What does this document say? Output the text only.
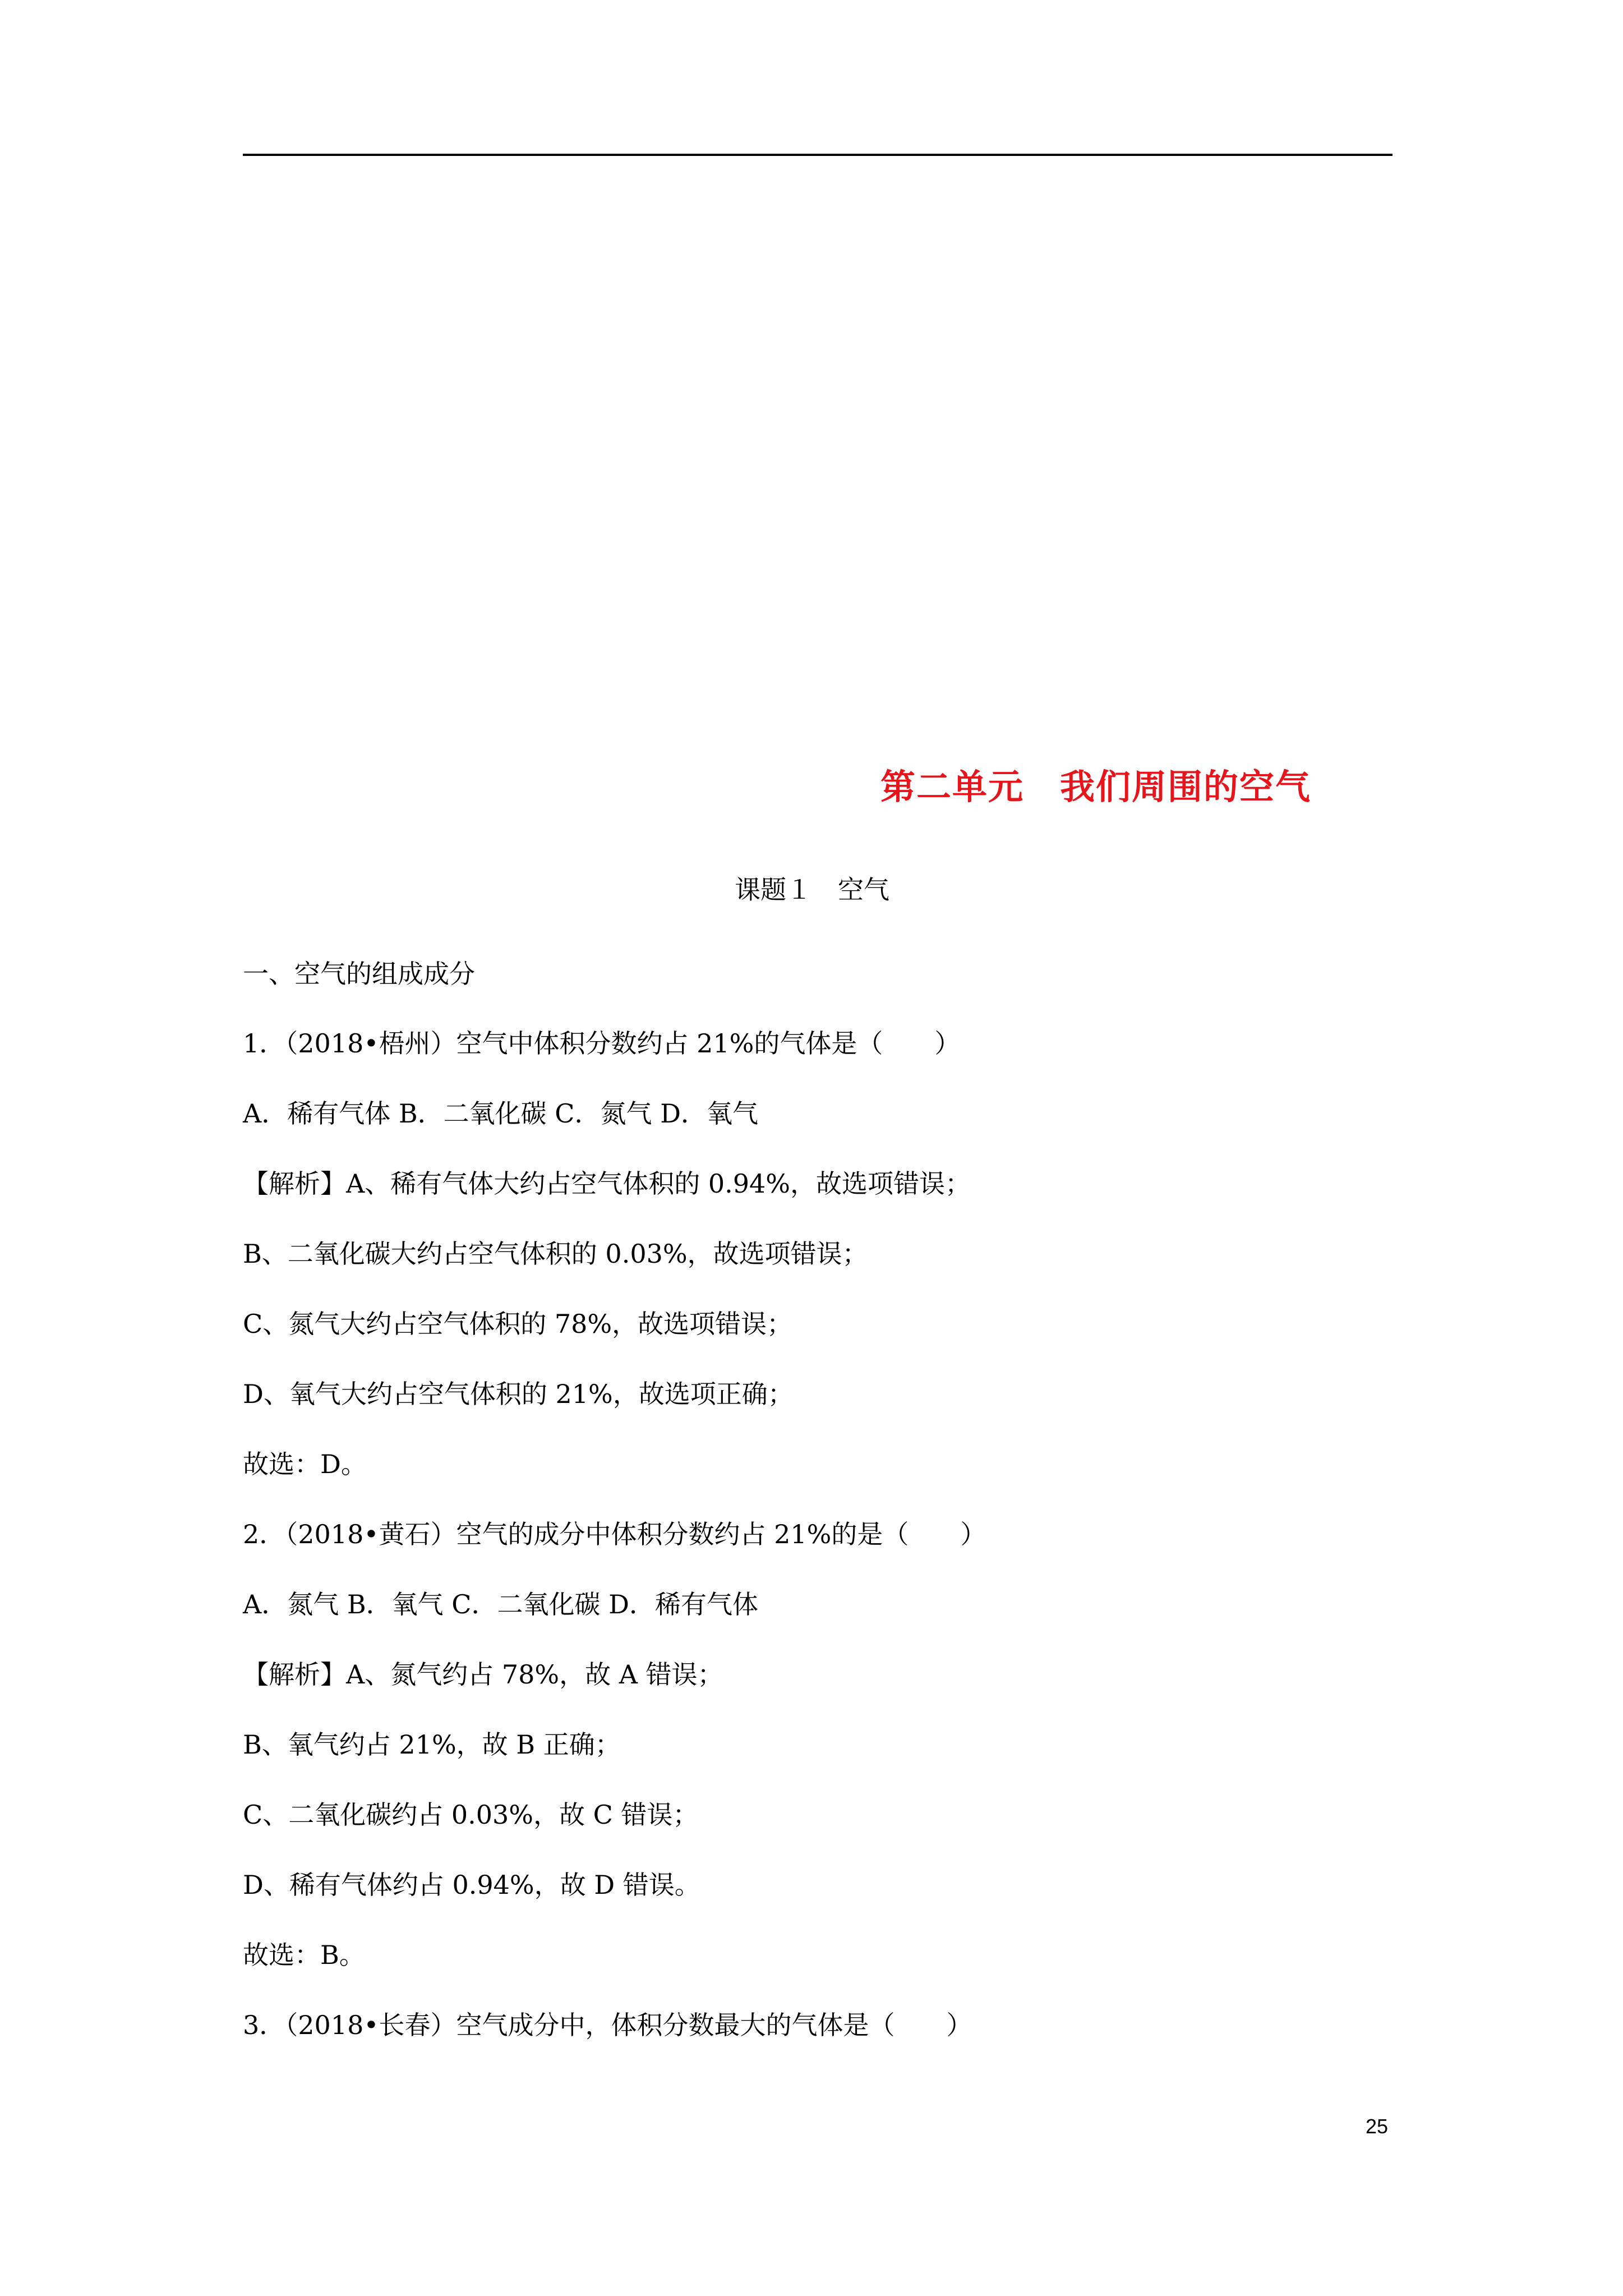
第二单元　我们周围的空气
课题１　空气
一、空气的组成成分
1．（2018•梧州）空气中体积分数约占 21%的气体是（　　）
A．稀有气体 B．二氧化碳 C．氮气 D．氧气
【解析】A、稀有气体大约占空气体积的 0.94%，故选项错误；
B、二氧化碳大约占空气体积的 0.03%，故选项错误；
C、氮气大约占空气体积的 78%，故选项错误；
D、氧气大约占空气体积的 21%，故选项正确；
故选：D。
2．（2018•黄石）空气的成分中体积分数约占 21%的是（　　）
A．氮气 B．氧气 C．二氧化碳 D．稀有气体
【解析】A、氮气约占 78%，故 A 错误；
B、氧气约占 21%，故 B 正确；
C、二氧化碳约占 0.03%，故 C 错误；
D、稀有气体约占 0.94%，故 D 错误。
故选：B。
3．（2018•长春）空气成分中，体积分数最大的气体是（　　）
25
